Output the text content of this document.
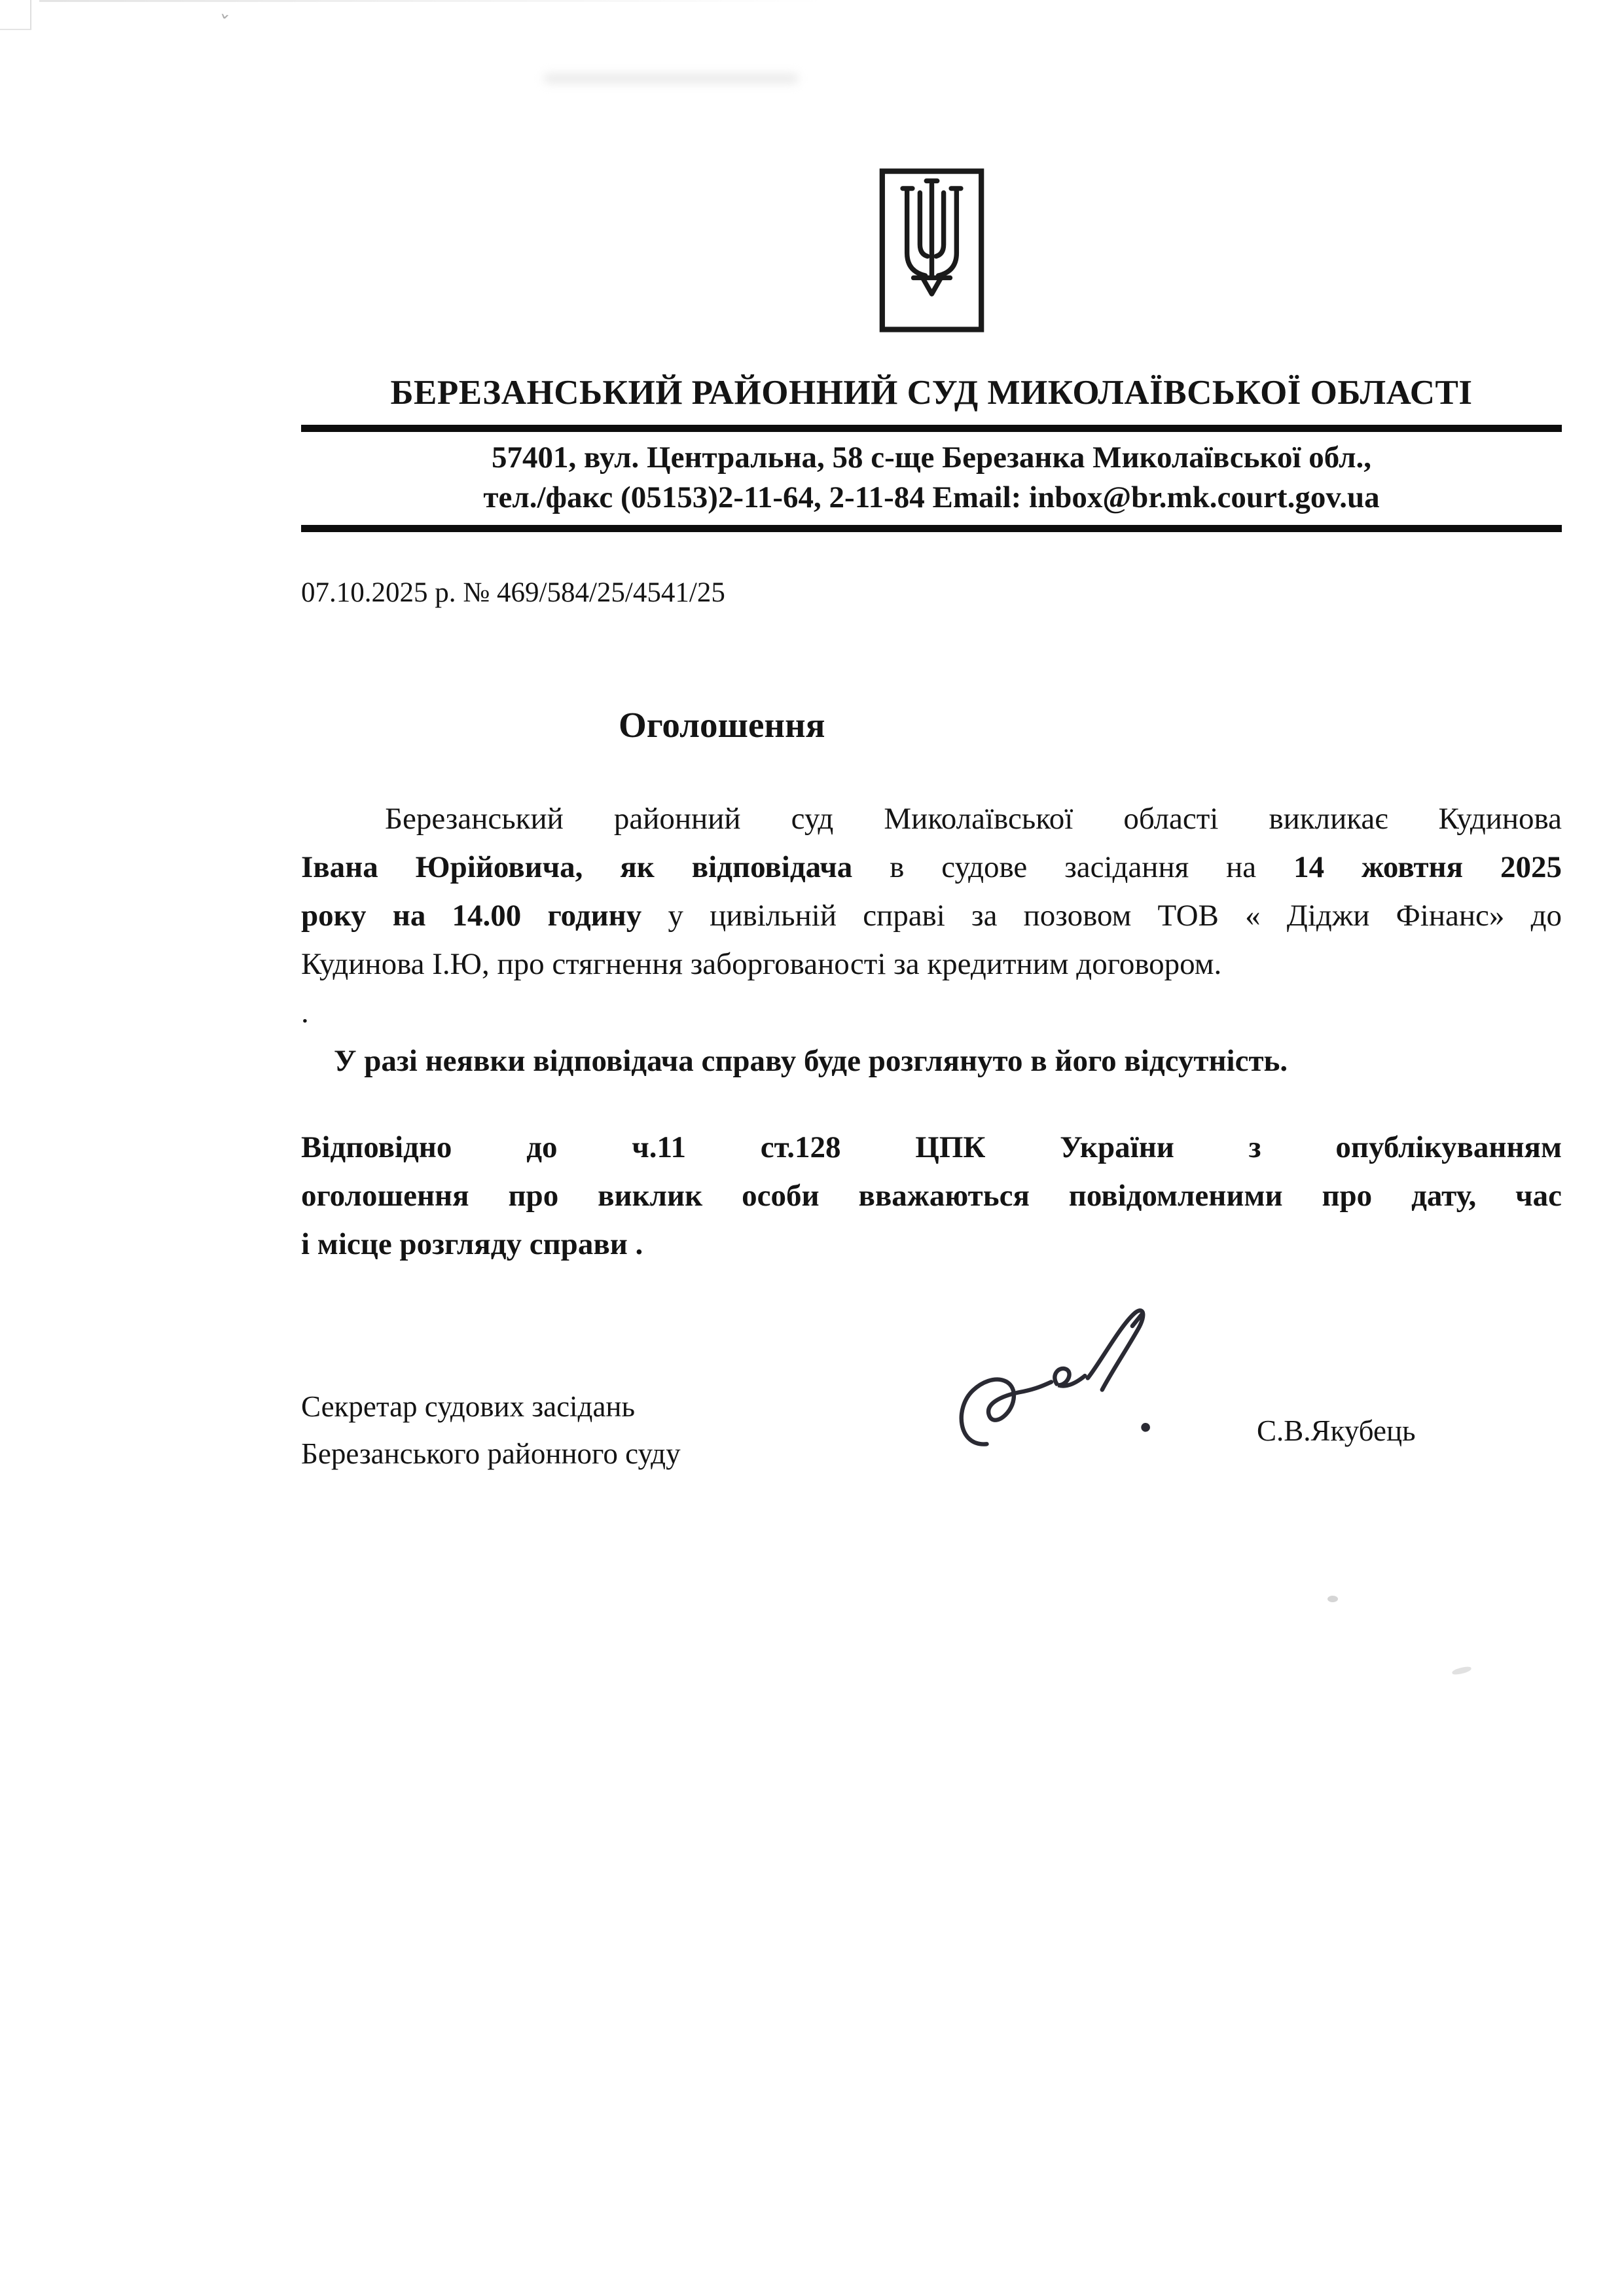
ˇ
БЕРЕЗАНСЬКИЙ РАЙОННИЙ СУД МИКОЛАЇВСЬКОЇ ОБЛАСТІ
57401, вул. Центральна, 58 с-ще Березанка Миколаївської обл.,
тел./факс (05153)2-11-64, 2-11-84 Email: inbox@br.mk.court.gov.ua
07.10.2025 р. № 469/584/25/4541/25
Оголошення
Березанський районний суд Миколаївської області викликає Кудинова
Івана Юрійовича, як відповідача в судове засідання на 14 жовтня 2025
року на 14.00 годину у цивільній справі за позовом ТОВ « Діджи Фінанс» до
Кудинова І.Ю, про стягнення заборгованості за кредитним договором.
.
У разі неявки відповідача справу буде розглянуто в його відсутність.
Відповідно до ч.11 ст.128 ЦПК України з опублікуванням
оголошення про виклик особи вважаються повідомленими про дату, час
і місце розгляду справи .
Секретар судових засідань
Березанського районного суду
С.В.Якубець
